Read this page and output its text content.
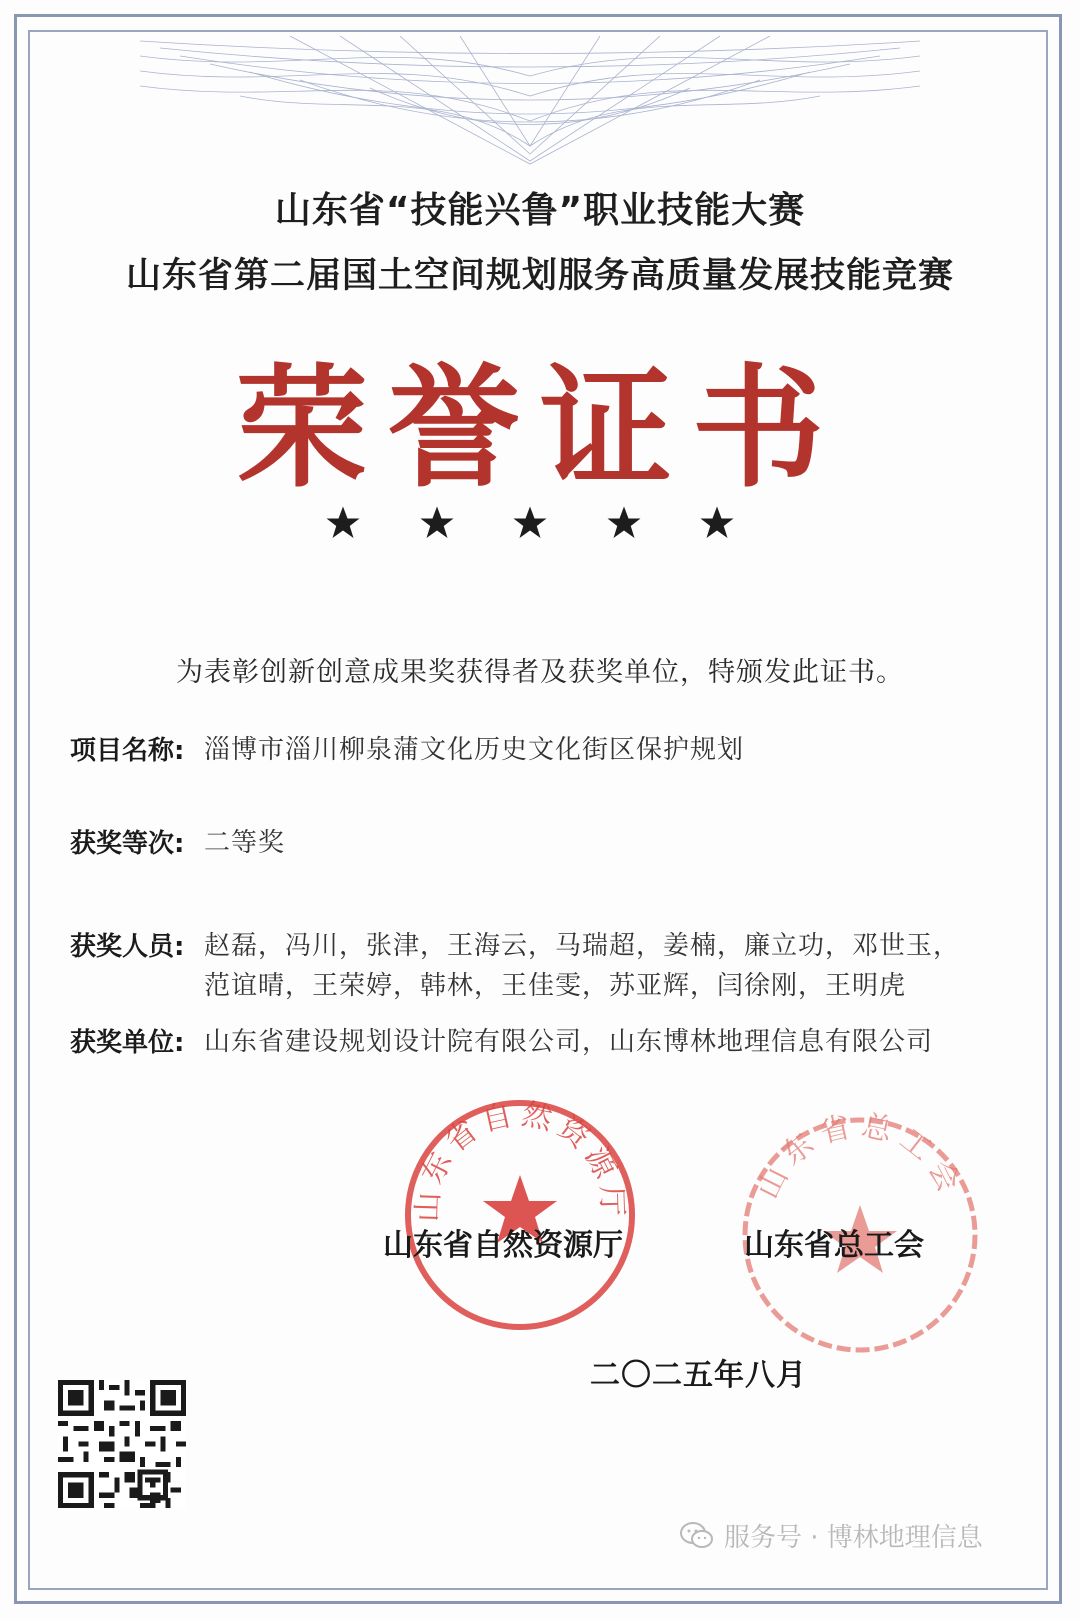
山东省“技能兴鲁”职业技能大赛
山东省第二届国土空间规划服务高质量发展技能竞赛
荣誉证书
为表彰创新创意成果奖获得者及获奖单位，特颁发此证书。
项目名称: 淄博市淄川柳泉蒲文化历史文化街区保护规划
获奖等次: 二等奖
获奖人员: 赵磊，冯川，张津，王海云，马瑞超，姜楠，廉立功，邓世玉，范谊晴，王荣婷，韩林，王佳雯，苏亚辉，闫徐刚，王明虎
获奖单位: 山东省建设规划设计院有限公司，山东博林地理信息有限公司
山东省自然资源厅	山东省总工会
山东省自然资源厅	山东省总工会
二〇二五年八月
服务号 · 博林地理信息
